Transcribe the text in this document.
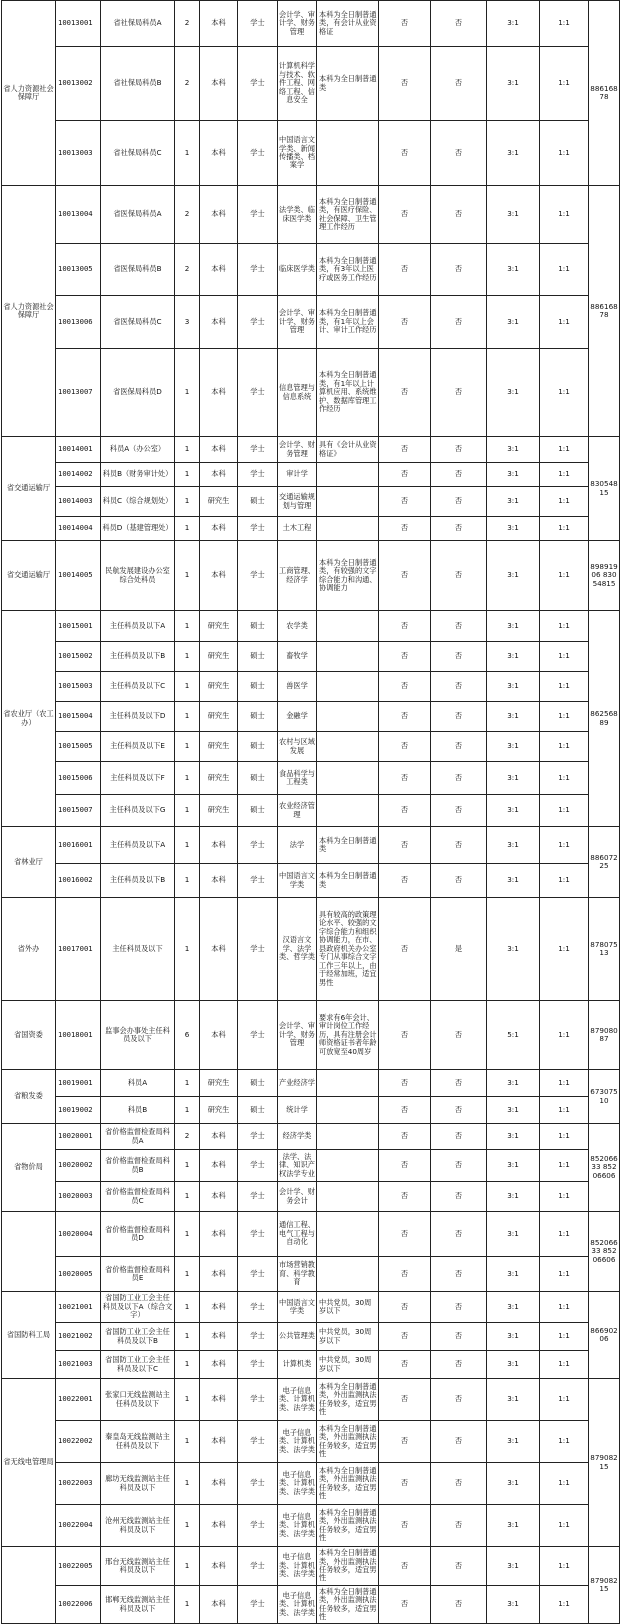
省人力资源社会保障厅	10013001	省社保局科员A	2	本科	学士	会计学、审计学、财务管理	本科为全日制普通类，有会计从业资格证	否	否	3:1	1:1	88616878
	10013002	省社保局科员B	2	本科	学士	计算机科学与技术、软件工程、网络工程、信息安全	本科为全日制普通类	否	否	3:1	1:1	
	10013003	省社保局科员C	1	本科	学士	中国语言文学类、新闻传播类、档案学		否	否	3:1	1:1	
省人力资源社会保障厅	10013004	省医保局科员A	2	本科	学士	法学类、临床医学类	本科为全日制普通类，有医疗保险、社会保障、卫生管理工作经历	否	否	3:1	1:1	88616878
	10013005	省医保局科员B	2	本科	学士	临床医学类	本科为全日制普通类，有3年以上医疗或医务工作经历	否	否	3:1	1:1	
	10013006	省医保局科员C	3	本科	学士	会计学、审计学、财务管理	本科为全日制普通类，有1年以上会计、审计工作经历	否	否	3:1	1:1	
	10013007	省医保局科员D	1	本科	学士	信息管理与信息系统	本科为全日制普通类，有1年以上计算机应用、系统维护、数据库管理工作经历	否	否	3:1	1:1	
省交通运输厅	10014001	科员A（办公室）	1	本科	学士	会计学、财务管理	具有《会计从业资格证》	否	否	3:1	1:1	83054815
	10014002	科员B（财务审计处）	1	本科	学士	审计学		否	否	3:1	1:1	
	10014003	科员C（综合规划处）	1	研究生	硕士	交通运输规划与管理		否	否	3:1	1:1	
	10014004	科员D（基建管理处）	1	本科	学士	土木工程		否	否	3:1	1:1	
省交通运输厅	10014005	民航发展建设办公室综合处科员	1	本科	学士	工商管理、经济学	本科为全日制普通类，有较强的文字综合能力和沟通、协调能力	否	否	3:1	1:1	89891906 83054815
省农业厅（农工办）	10015001	主任科员及以下A	1	研究生	硕士	农学类		否	否	3:1	1:1	86256889
	10015002	主任科员及以下B	1	研究生	硕士	畜牧学		否	否	3:1	1:1	
	10015003	主任科员及以下C	1	研究生	硕士	兽医学		否	否	3:1	1:1	
	10015004	主任科员及以下D	1	研究生	硕士	金融学		否	否	3:1	1:1	
	10015005	主任科员及以下E	1	研究生	硕士	农村与区域发展		否	否	3:1	1:1	
	10015006	主任科员及以下F	1	研究生	硕士	食品科学与工程类		否	否	3:1	1:1	
	10015007	主任科员及以下G	1	研究生	硕士	农业经济管理		否	否	3:1	1:1	
省林业厅	10016001	主任科员及以下A	1	本科	学士	法学	本科为全日制普通类	否	否	3:1	1:1	88607225
	10016002	主任科员及以下B	1	本科	学士	中国语言文学类	本科为全日制普通类	否	否	3:1	1:1	
省外办	10017001	主任科员及以下	1	本科	学士	汉语言文学、法学类、哲学类	具有较高的政策理论水平、较强的文字综合能力和组织协调能力，在市、县政府机关办公室专门从事综合文字工作三年以上，由于经常加班，适宜男性	否	是	3:1	1:1	87807513
省国资委	10018001	监事会办事处主任科员及以下	6	本科	学士	会计学、审计学、财务管理	要求有6年会计、审计岗位工作经历，具有注册会计师资格证书者年龄可放宽至40周岁	否	否	5:1	1:1	87908087
省粮发委	10019001	科员A	1	研究生	硕士	产业经济学		否	否	3:1	1:1	67307510
	10019002	科员B	1	研究生	硕士	统计学		否	否	3:1	1:1	
省物价局	10020001	省价格监督检查局科员A	2	本科	学士	经济学类		否	否	3:1	1:1	85206633 85206606
	10020002	省价格监督检查局科员B	1	本科	学士	法学、法律、知识产权法学专业		否	否	3:1	1:1	
	10020003	省价格监督检查局科员C	1	本科	学士	会计学、财务会计		否	否	3:1	1:1	
	10020004	省价格监督检查局科员D	1	本科	学士	通信工程、电气工程与自动化		否	否	3:1	1:1	85206633 85206606
	10020005	省价格监督检查局科员E	1	本科	学士	市场营销教育、科学教育		否	否	3:1	1:1	
省国防科工局	10021001	省国防工业工会主任科员及以下A（综合文字）	1	本科	学士	中国语言文学类	中共党员，30周岁以下	否	否	3:1	1:1	86690206
	10021002	省国防工业工会主任科员及以下B	1	本科	学士	公共管理类	中共党员，30周岁以下	否	否	3:1	1:1	
	10021003	省国防工业工会主任科员及以下C	1	本科	学士	计算机类	中共党员，30周岁以下	否	否	3:1	1:1	
省无线电管理局	10022001	张家口无线监测站主任科员及以下	1	本科	学士	电子信息类、计算机类、法学类	本科为全日制普通类，外出监测执法任务较多，适宜男性	否	否	3:1	1:1	87908215
	10022002	秦皇岛无线监测站主任科员及以下	1	本科	学士	电子信息类、计算机类、法学类	本科为全日制普通类，外出监测执法任务较多，适宜男性	否	否	3:1	1:1	
	10022003	廊坊无线监测站主任科员及以下	1	本科	学士	电子信息类、计算机类、法学类	本科为全日制普通类，外出监测执法任务较多，适宜男性	否	否	3:1	1:1	
	10022004	沧州无线监测站主任科员及以下	1	本科	学士	电子信息类、计算机类、法学类	本科为全日制普通类，外出监测执法任务较多，适宜男性	否	否	3:1	1:1	
	10022005	邢台无线监测站主任科员及以下	1	本科	学士	电子信息类、计算机类、法学类	本科为全日制普通类，外出监测执法任务较多，适宜男性	否	否	3:1	1:1	87908215
	10022006	邯郸无线监测站主任科员及以下	1	本科	学士	电子信息类、计算机类、法学类	本科为全日制普通类，外出监测执法任务较多，适宜男性	否	否	3:1	1:1	
